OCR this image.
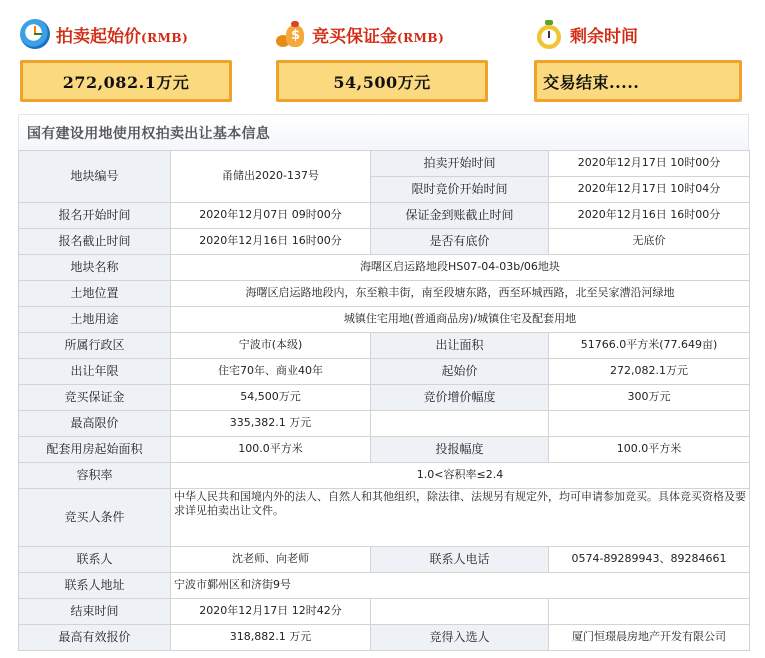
拍卖起始价(RMB)
272,082.1万元
$
竞买保证金(RMB)
54,500万元
剩余时间
交易结束.....
国有建设用地使用权拍卖出让基本信息
地块编号	甬储出2020-137号	拍卖开始时间	2020年12月17日 10时00分
		限时竞价开始时间	2020年12月17日 10时04分
报名开始时间	2020年12月07日 09时00分	保证金到账截止时间	2020年12月16日 16时00分
报名截止时间	2020年12月16日 16时00分	是否有底价	无底价
地块名称	海曙区启运路地段HS07-04-03b/06地块		
土地位置	海曙区启运路地段内，东至粮丰街，南至段塘东路，西至环城西路，北至吴家漕沿河绿地		
土地用途	城镇住宅用地(普通商品房)/城镇住宅及配套用地		
所属行政区	宁波市(本级)	出让面积	51766.0平方米(77.649亩)
出让年限	住宅70年、商业40年	起始价	272,082.1万元
竞买保证金	54,500万元	竞价增价幅度	300万元
最高限价	335,382.1 万元		
配套用房起始面积	100.0平方米	投报幅度	100.0平方米
容积率	1.0<容积率≤2.4		
竞买人条件	中华人民共和国境内外的法人、自然人和其他组织，除法律、法规另有规定外，均可申请参加竞买。具体竞买资格及要求详见拍卖出让文件。		
联系人	沈老师、向老师	联系人电话	0574-89289943、89284661
联系人地址	宁波市鄞州区和济街9号		
结束时间	2020年12月17日 12时42分		
最高有效报价	318,882.1 万元	竞得入选人	厦门恒璟晨房地产开发有限公司
